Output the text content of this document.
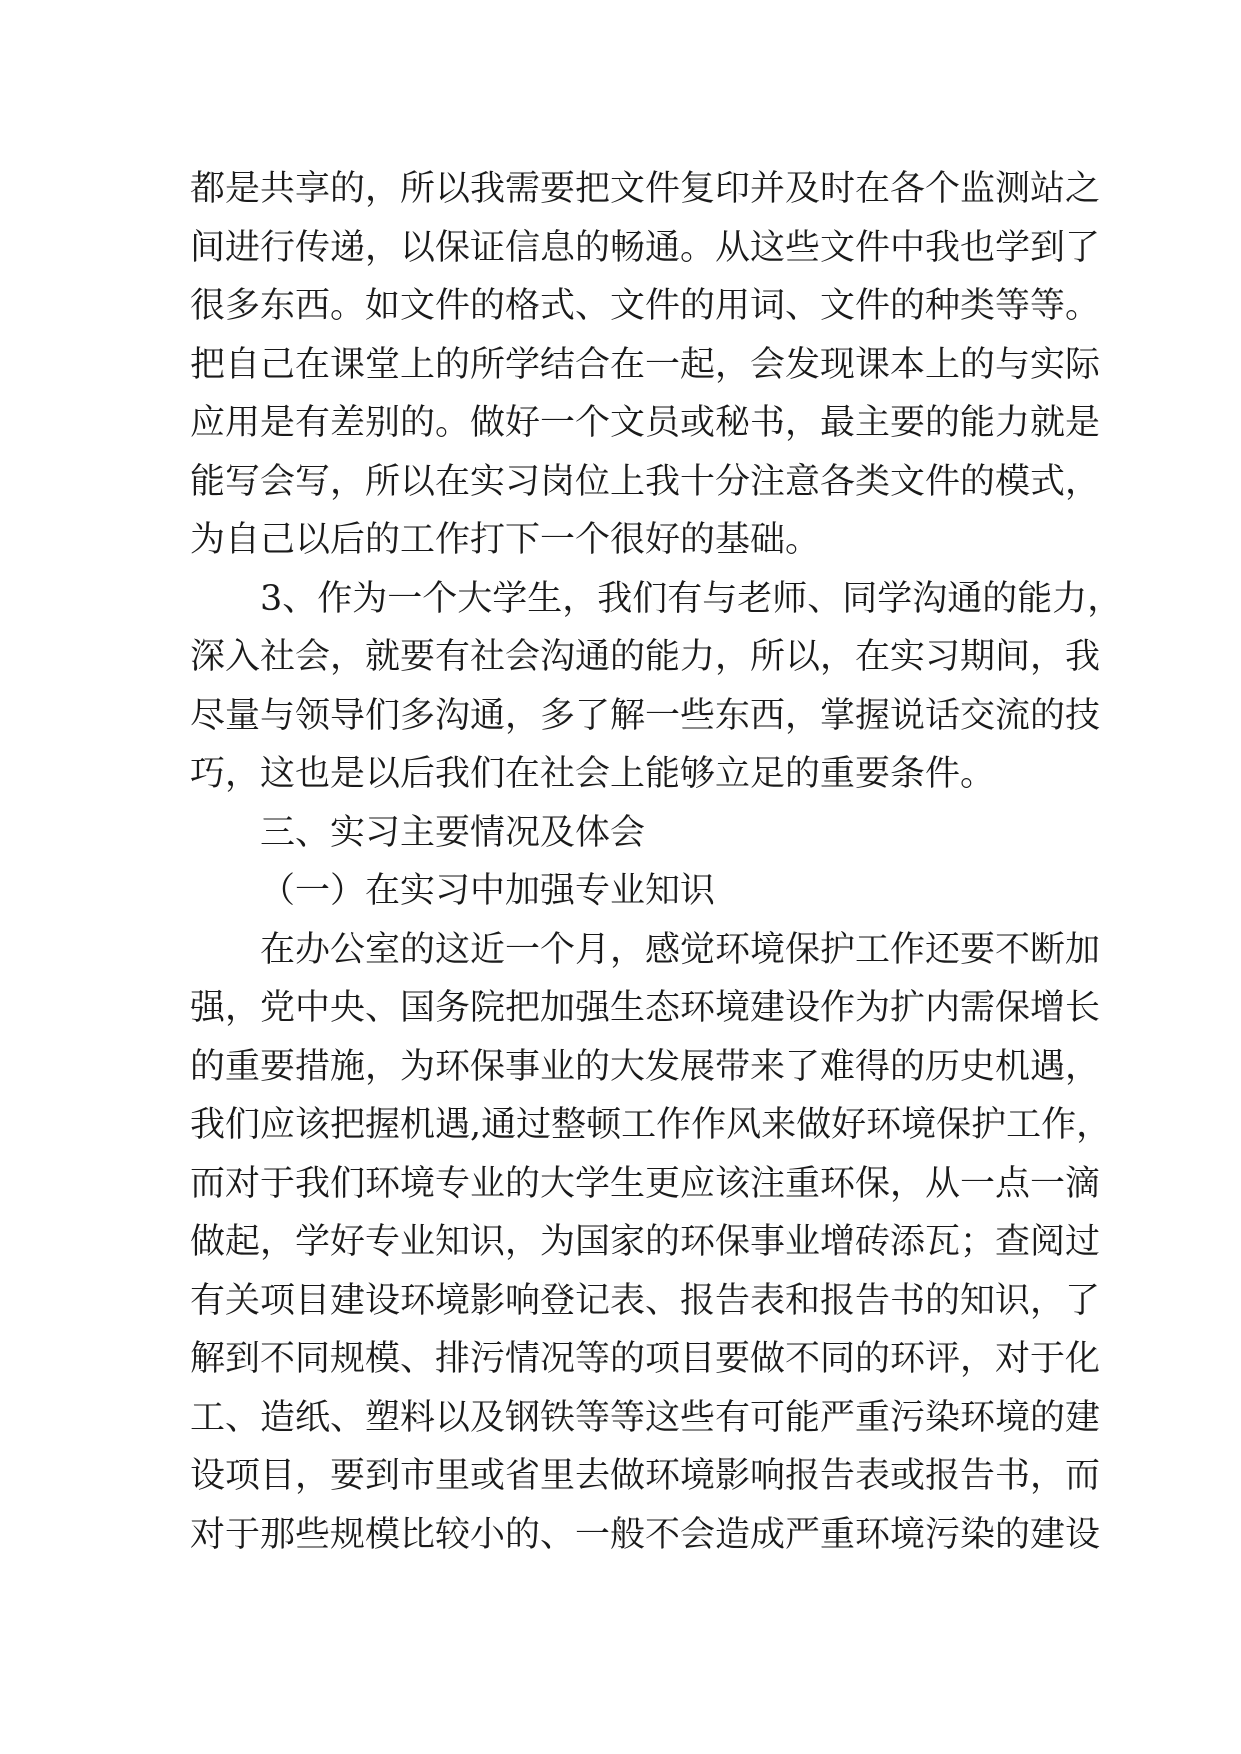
都是共享的，所以我需要把文件复印并及时在各个监测站之
间进行传递，以保证信息的畅通。从这些文件中我也学到了
很多东西。如文件的格式、文件的用词、文件的种类等等。
把自己在课堂上的所学结合在一起，会发现课本上的与实际
应用是有差别的。做好一个文员或秘书，最主要的能力就是
能写会写，所以在实习岗位上我十分注意各类文件的模式，
为自己以后的工作打下一个很好的基础。
3、作为一个大学生，我们有与老师、同学沟通的能力，
深入社会，就要有社会沟通的能力，所以，在实习期间，我
尽量与领导们多沟通，多了解一些东西，掌握说话交流的技
巧，这也是以后我们在社会上能够立足的重要条件。
三、实习主要情况及体会
（一）在实习中加强专业知识
在办公室的这近一个月，感觉环境保护工作还要不断加
强，党中央、国务院把加强生态环境建设作为扩内需保增长
的重要措施，为环保事业的大发展带来了难得的历史机遇，
我们应该把握机遇,通过整顿工作作风来做好环境保护工作，
而对于我们环境专业的大学生更应该注重环保，从一点一滴
做起，学好专业知识，为国家的环保事业增砖添瓦；查阅过
有关项目建设环境影响登记表、报告表和报告书的知识，了
解到不同规模、排污情况等的项目要做不同的环评，对于化
工、造纸、塑料以及钢铁等等这些有可能严重污染环境的建
设项目，要到市里或省里去做环境影响报告表或报告书，而
对于那些规模比较小的、一般不会造成严重环境污染的建设
